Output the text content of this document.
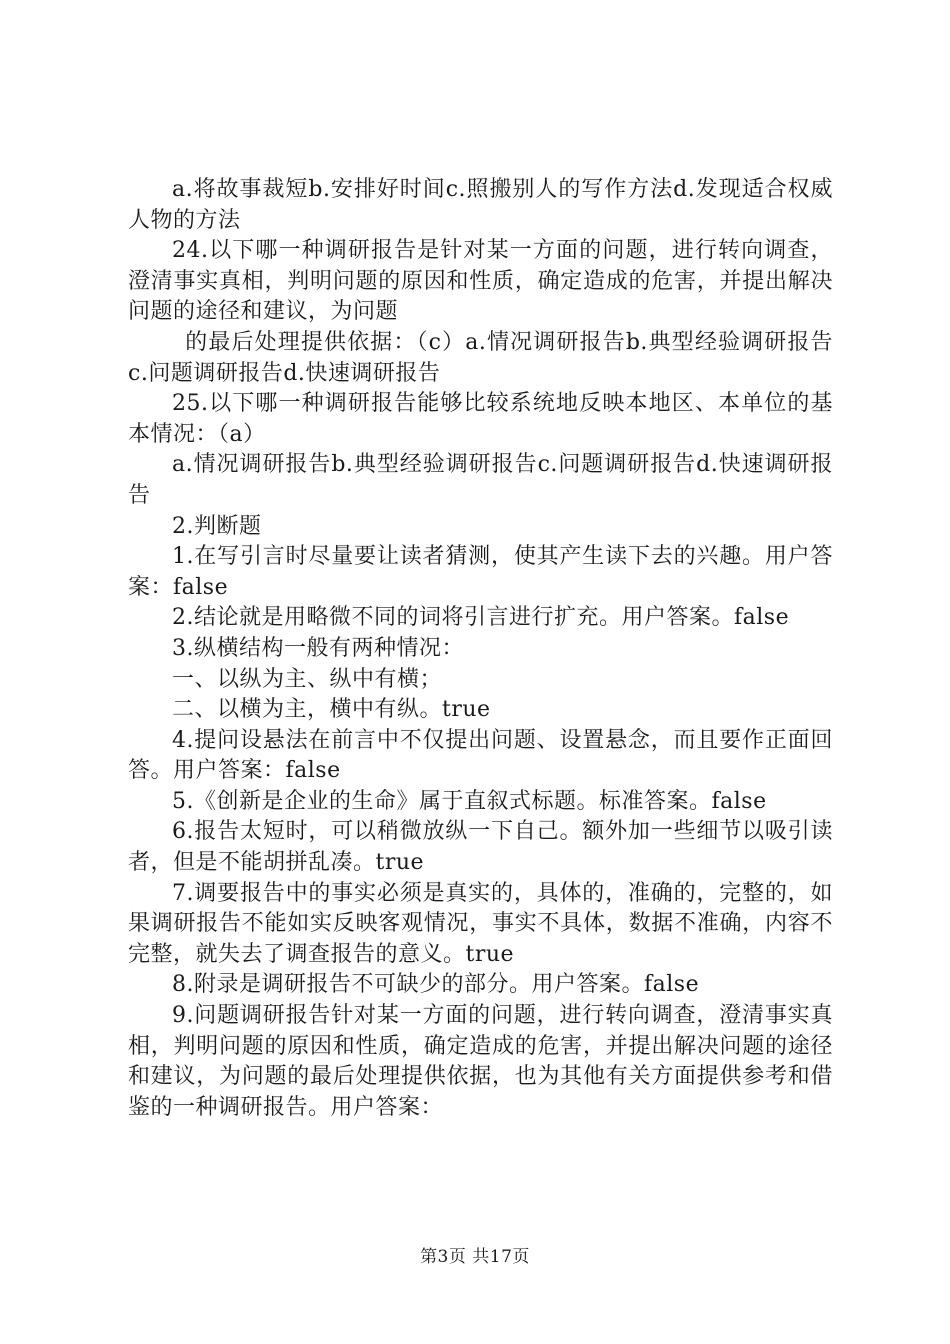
a.将故事裁短b.安排好时间c.照搬别人的写作方法d.发现适合权威人物的方法

24.以下哪一种调研报告是针对某一方面的问题，进行转向调查，澄清事实真相，判明问题的原因和性质，确定造成的危害，并提出解决问题的途径和建议，为问题

的最后处理提供依据：（c）a.情况调研报告b.典型经验调研报告c.问题调研报告d.快速调研报告

25.以下哪一种调研报告能够比较系统地反映本地区、本单位的基本情况：（a）

a.情况调研报告b.典型经验调研报告c.问题调研报告d.快速调研报告

2.判断题

1.在写引言时尽量要让读者猜测，使其产生读下去的兴趣。用户答案：false

2.结论就是用略微不同的词将引言进行扩充。用户答案。false

3.纵横结构一般有两种情况：

一、以纵为主、纵中有横；

二、以横为主，横中有纵。true

4.提问设悬法在前言中不仅提出问题、设置悬念，而且要作正面回答。用户答案：false

5.《创新是企业的生命》属于直叙式标题。标准答案。false

6.报告太短时，可以稍微放纵一下自己。额外加一些细节以吸引读者，但是不能胡拼乱凑。true

7.调要报告中的事实必须是真实的，具体的，准确的，完整的，如果调研报告不能如实反映客观情况，事实不具体，数据不准确，内容不完整，就失去了调查报告的意义。true

8.附录是调研报告不可缺少的部分。用户答案。false

9.问题调研报告针对某一方面的问题，进行转向调查，澄清事实真相，判明问题的原因和性质，确定造成的危害，并提出解决问题的途径和建议，为问题的最后处理提供依据，也为其他有关方面提供参考和借鉴的一种调研报告。用户答案：

第3页 共17页
